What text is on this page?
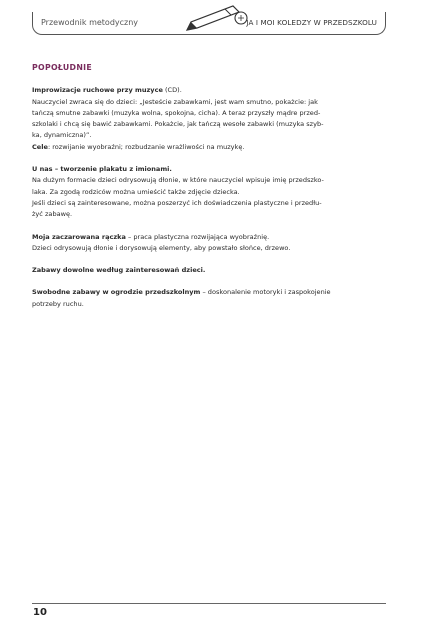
Przewodnik metodyczny	JA I MOI KOLEDZY W PRZEDSZKOLU
POPOŁUDNIE

Improwizacje ruchowe przy muzyce (CD).

Nauczyciel zwraca się do dzieci: „Jesteście zabawkami, jest wam smutno, pokażcie: jak

tańczą smutne zabawki (muzyka wolna, spokojna, cicha). A teraz przyszły mądre przed-

szkolaki i chcą się bawić zabawkami. Pokażcie, jak tańczą wesołe zabawki (muzyka szyb-

ka, dynamiczna)”.

Cele: rozwijanie wyobraźni; rozbudzanie wrażliwości na muzykę.

U nas – tworzenie plakatu z imionami.

Na dużym formacie dzieci odrysowują dłonie, w które nauczyciel wpisuje imię przedszko-

laka. Za zgodą rodziców można umieścić także zdjęcie dziecka.

Jeśli dzieci są zainteresowane, można poszerzyć ich doświadczenia plastyczne i przedłu-

żyć zabawę.

Moja zaczarowana rączka – praca plastyczna rozwijająca wyobraźnię.

Dzieci odrysowują dłonie i dorysowują elementy, aby powstało słońce, drzewo.

Zabawy dowolne według zainteresowań dzieci.

Swobodne zabawy w ogrodzie przedszkolnym – doskonalenie motoryki i zaspokojenie

potrzeby ruchu.

10
